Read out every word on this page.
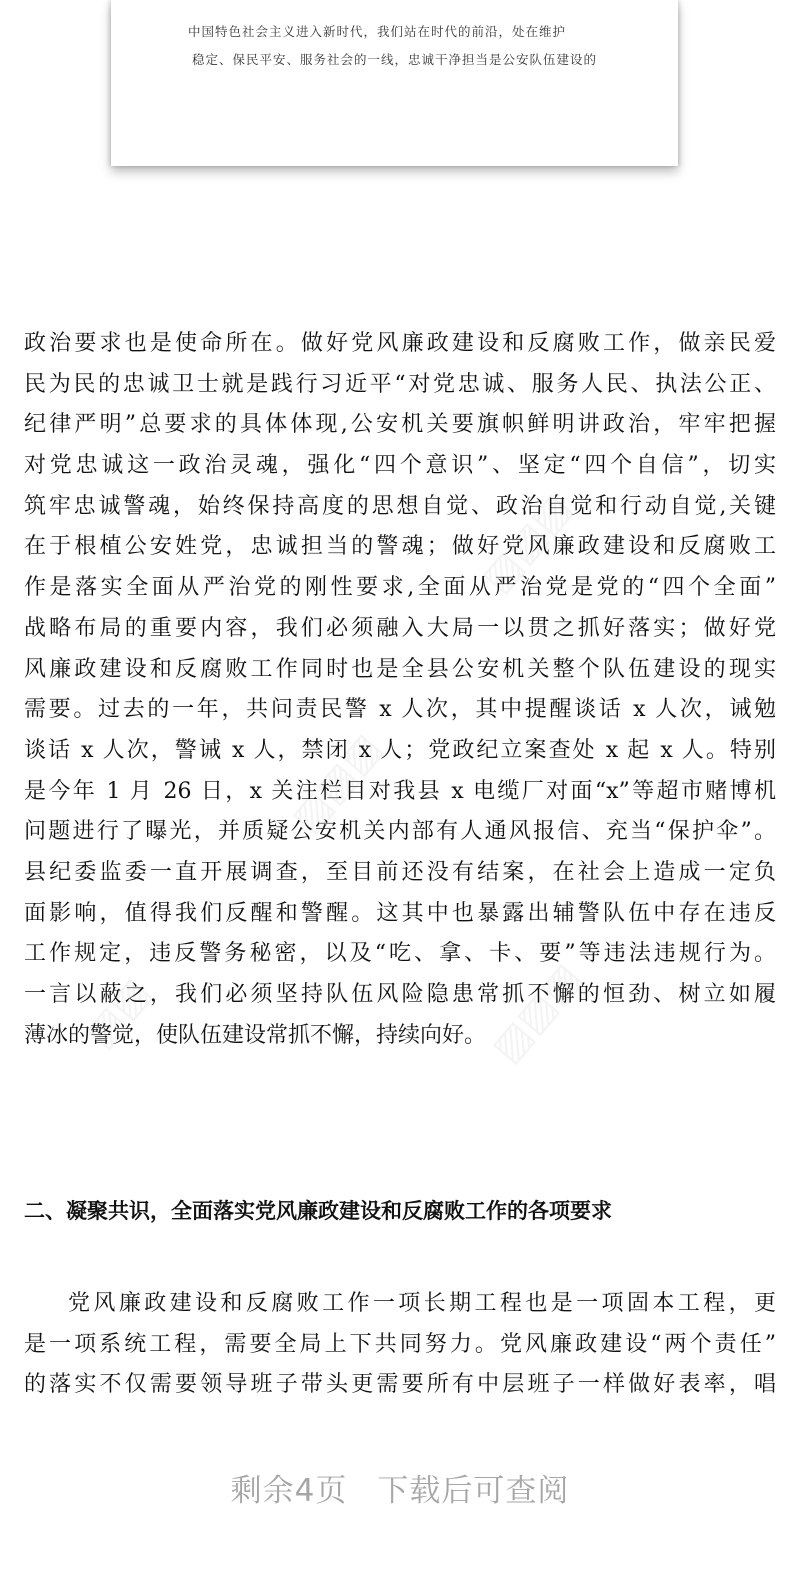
中国特色社会主义进入新时代，我们站在时代的前沿，处在维护
稳定、保民平安、服务社会的一线，忠诚干净担当是公安队伍建设的
▨▨▨
▨▨▨
▨▨	▨▨▨
政治要求也是使命所在。做好党风廉政建设和反腐败工作，做亲民爱
民为民的忠诚卫士就是践行习近平“对党忠诚、服务人民、执法公正、
纪律严明”总要求的具体体现,公安机关要旗帜鲜明讲政治，牢牢把握
对党忠诚这一政治灵魂，强化“四个意识”、坚定“四个自信”，切实
筑牢忠诚警魂，始终保持高度的思想自觉、政治自觉和行动自觉,关键
在于根植公安姓党，忠诚担当的警魂；做好党风廉政建设和反腐败工
作是落实全面从严治党的刚性要求,全面从严治党是党的“四个全面”
战略布局的重要内容，我们必须融入大局一以贯之抓好落实；做好党
风廉政建设和反腐败工作同时也是全县公安机关整个队伍建设的现实
需要。过去的一年，共问责民警 x 人次，其中提醒谈话 x 人次，诫勉
谈话 x 人次，警诫 x 人，禁闭 x 人；党政纪立案查处 x 起 x 人。特别
是今年 1 月 26 日，x 关注栏目对我县 x 电缆厂对面“x”等超市赌博机
问题进行了曝光，并质疑公安机关内部有人通风报信、充当“保护伞”。
县纪委监委一直开展调查，至目前还没有结案，在社会上造成一定负
面影响，值得我们反醒和警醒。这其中也暴露出辅警队伍中存在违反
工作规定，违反警务秘密，以及“吃、拿、卡、要”等违法违规行为。
一言以蔽之，我们必须坚持队伍风险隐患常抓不懈的恒劲、树立如履
薄冰的警觉，使队伍建设常抓不懈，持续向好。
二、凝聚共识，全面落实党风廉政建设和反腐败工作的各项要求
党风廉政建设和反腐败工作一项长期工程也是一项固本工程，更
是一项系统工程，需要全局上下共同努力。党风廉政建设“两个责任”
的落实不仅需要领导班子带头更需要所有中层班子一样做好表率，唱
剩余4页 下载后可查阅
